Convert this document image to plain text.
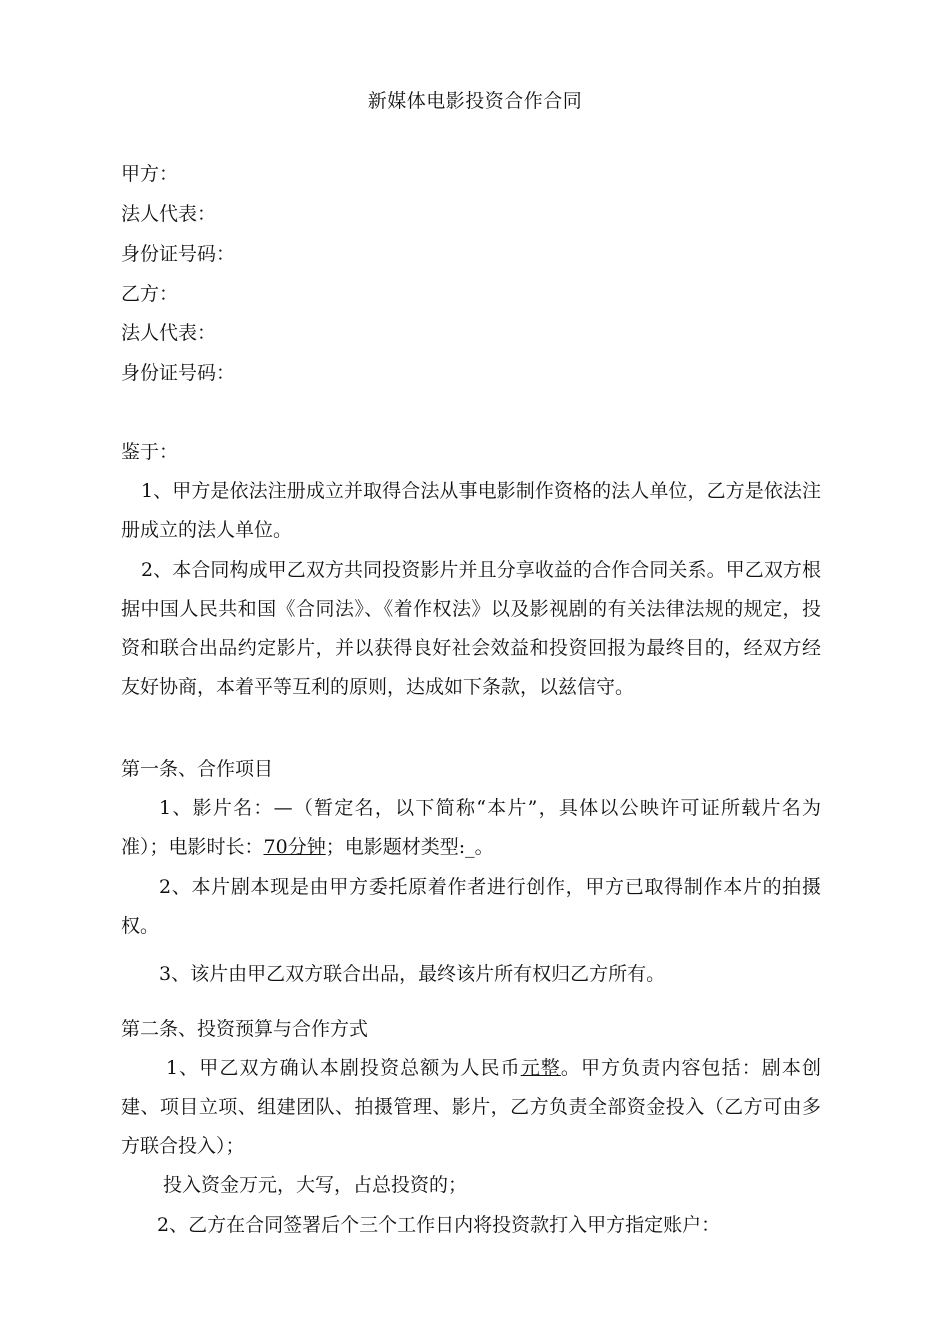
新媒体电影投资合作合同
甲方：
法人代表：
身份证号码：
乙方：
法人代表：
身份证号码：
鉴于：
1、甲方是依法注册成立并取得合法从事电影制作资格的法人单位，乙方是依法注册成立的法人单位。
2、本合同构成甲乙双方共同投资影片并且分享收益的合作合同关系。甲乙双方根据中国人民共和国《合同法》、《着作权法》以及影视剧的有关法律法规的规定，投资和联合出品约定影片，并以获得良好社会效益和投资回报为最终目的，经双方经友好协商，本着平等互利的原则，达成如下条款，以兹信守。
第一条、合作项目
1、影片名：—（暂定名，以下简称“本片”，具体以公映许可证所载片名为准）；电影时长：70分钟；电影题材类型:_。
2、本片剧本现是由甲方委托原着作者进行创作，甲方已取得制作本片的拍摄权。
3、该片由甲乙双方联合出品，最终该片所有权归乙方所有。
第二条、投资预算与合作方式
1、甲乙双方确认本剧投资总额为人民币元整。甲方负责内容包括：剧本创建、项目立项、组建团队、拍摄管理、影片，乙方负责全部资金投入（乙方可由多方联合投入）；
投入资金万元，大写，占总投资的；
2、乙方在合同签署后个三个工作日内将投资款打入甲方指定账户：
